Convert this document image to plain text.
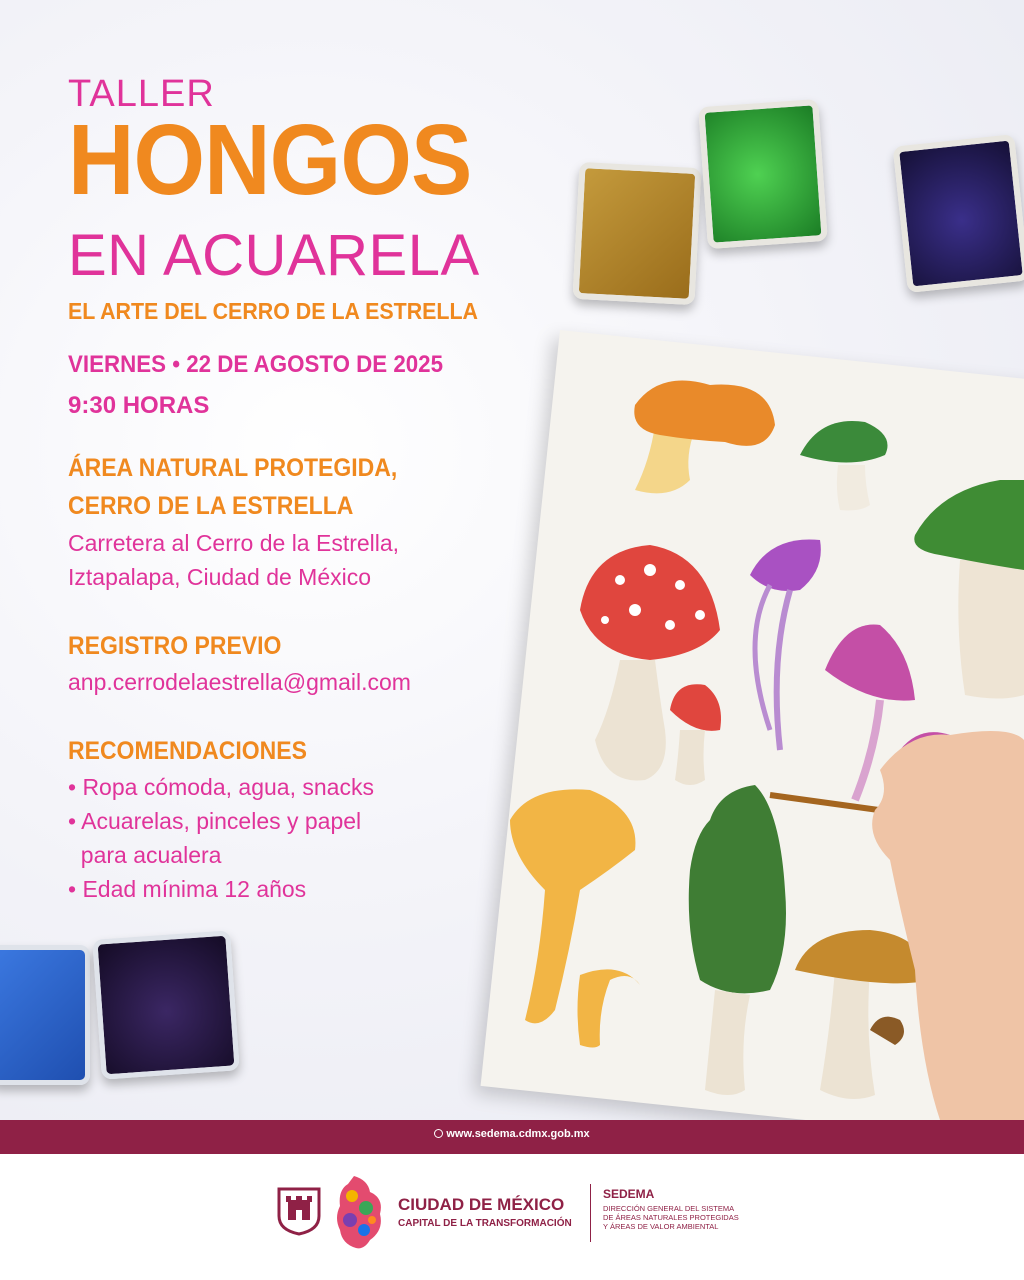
TALLER
HONGOS
EN ACUARELA
EL ARTE DEL CERRO DE LA ESTRELLA
VIERNES • 22 DE AGOSTO DE 2025
9:30 HORAS
ÁREA NATURAL PROTEGIDA,
CERRO DE LA ESTRELLA
Carretera al Cerro de la Estrella,
Iztapalapa, Ciudad de México
REGISTRO PREVIO
anp.cerrodelaestrella@gmail.com
RECOMENDACIONES
• Ropa cómoda, agua, snacks
• Acuarelas, pinceles y papel
para acualera
• Edad mínima 12 años
www.sedema.cdmx.gob.mx
CIUDAD DE MÉXICO
CAPITAL DE LA TRANSFORMACIÓN
SEDEMA
DIRECCIÓN GENERAL DEL SISTEMA
DE ÁREAS NATURALES PROTEGIDAS
Y ÁREAS DE VALOR AMBIENTAL
